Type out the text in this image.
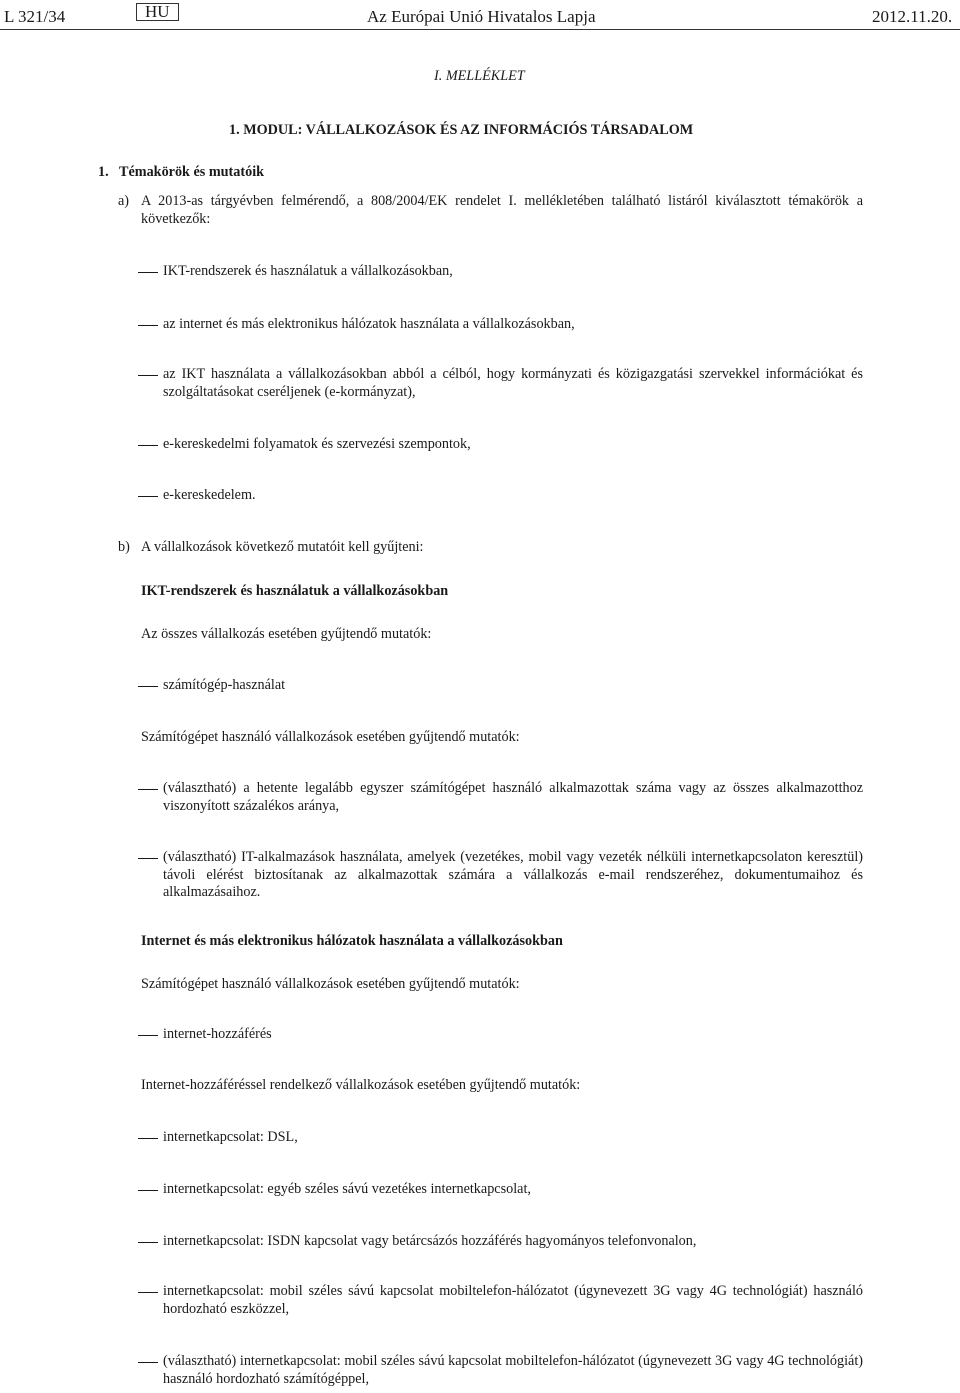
L 321/34	HU	Az Európai Unió Hivatalos Lapja	2012.11.20.
I. MELLÉKLET
1. MODUL: VÁLLALKOZÁSOK ÉS AZ INFORMÁCIÓS TÁRSADALOM
1. Témakörök és mutatóik
a) A 2013-as tárgyévben felmérendő, a 808/2004/EK rendelet I. mellékletében található listáról kiválasztott témakörök a következők:
IKT-rendszerek és használatuk a vállalkozásokban,
az internet és más elektronikus hálózatok használata a vállalkozásokban,
az IKT használata a vállalkozásokban abból a célból, hogy kormányzati és közigazgatási szervekkel információkat és szolgáltatásokat cseréljenek (e-kormányzat),
e-kereskedelmi folyamatok és szervezési szempontok,
e-kereskedelem.
b) A vállalkozások következő mutatóit kell gyűjteni:
IKT-rendszerek és használatuk a vállalkozásokban
Az összes vállalkozás esetében gyűjtendő mutatók:
számítógép-használat
Számítógépet használó vállalkozások esetében gyűjtendő mutatók:
(választható) a hetente legalább egyszer számítógépet használó alkalmazottak száma vagy az összes alkalmazotthoz viszonyított százalékos aránya,
(választható) IT-alkalmazások használata, amelyek (vezetékes, mobil vagy vezeték nélküli internetkapcsolaton keresztül) távoli elérést biztosítanak az alkalmazottak számára a vállalkozás e-mail rendszeréhez, dokumentumaihoz és alkalmazásaihoz.
Internet és más elektronikus hálózatok használata a vállalkozásokban
Számítógépet használó vállalkozások esetében gyűjtendő mutatók:
internet-hozzáférés
Internet-hozzáféréssel rendelkező vállalkozások esetében gyűjtendő mutatók:
internetkapcsolat: DSL,
internetkapcsolat: egyéb széles sávú vezetékes internetkapcsolat,
internetkapcsolat: ISDN kapcsolat vagy betárcsázós hozzáférés hagyományos telefonvonalon,
internetkapcsolat: mobil széles sávú kapcsolat mobiltelefon-hálózatot (úgynevezett 3G vagy 4G technológiát) használó hordozható eszközzel,
(választható) internetkapcsolat: mobil széles sávú kapcsolat mobiltelefon-hálózatot (úgynevezett 3G vagy 4G technológiát) használó hordozható számítógéppel,
